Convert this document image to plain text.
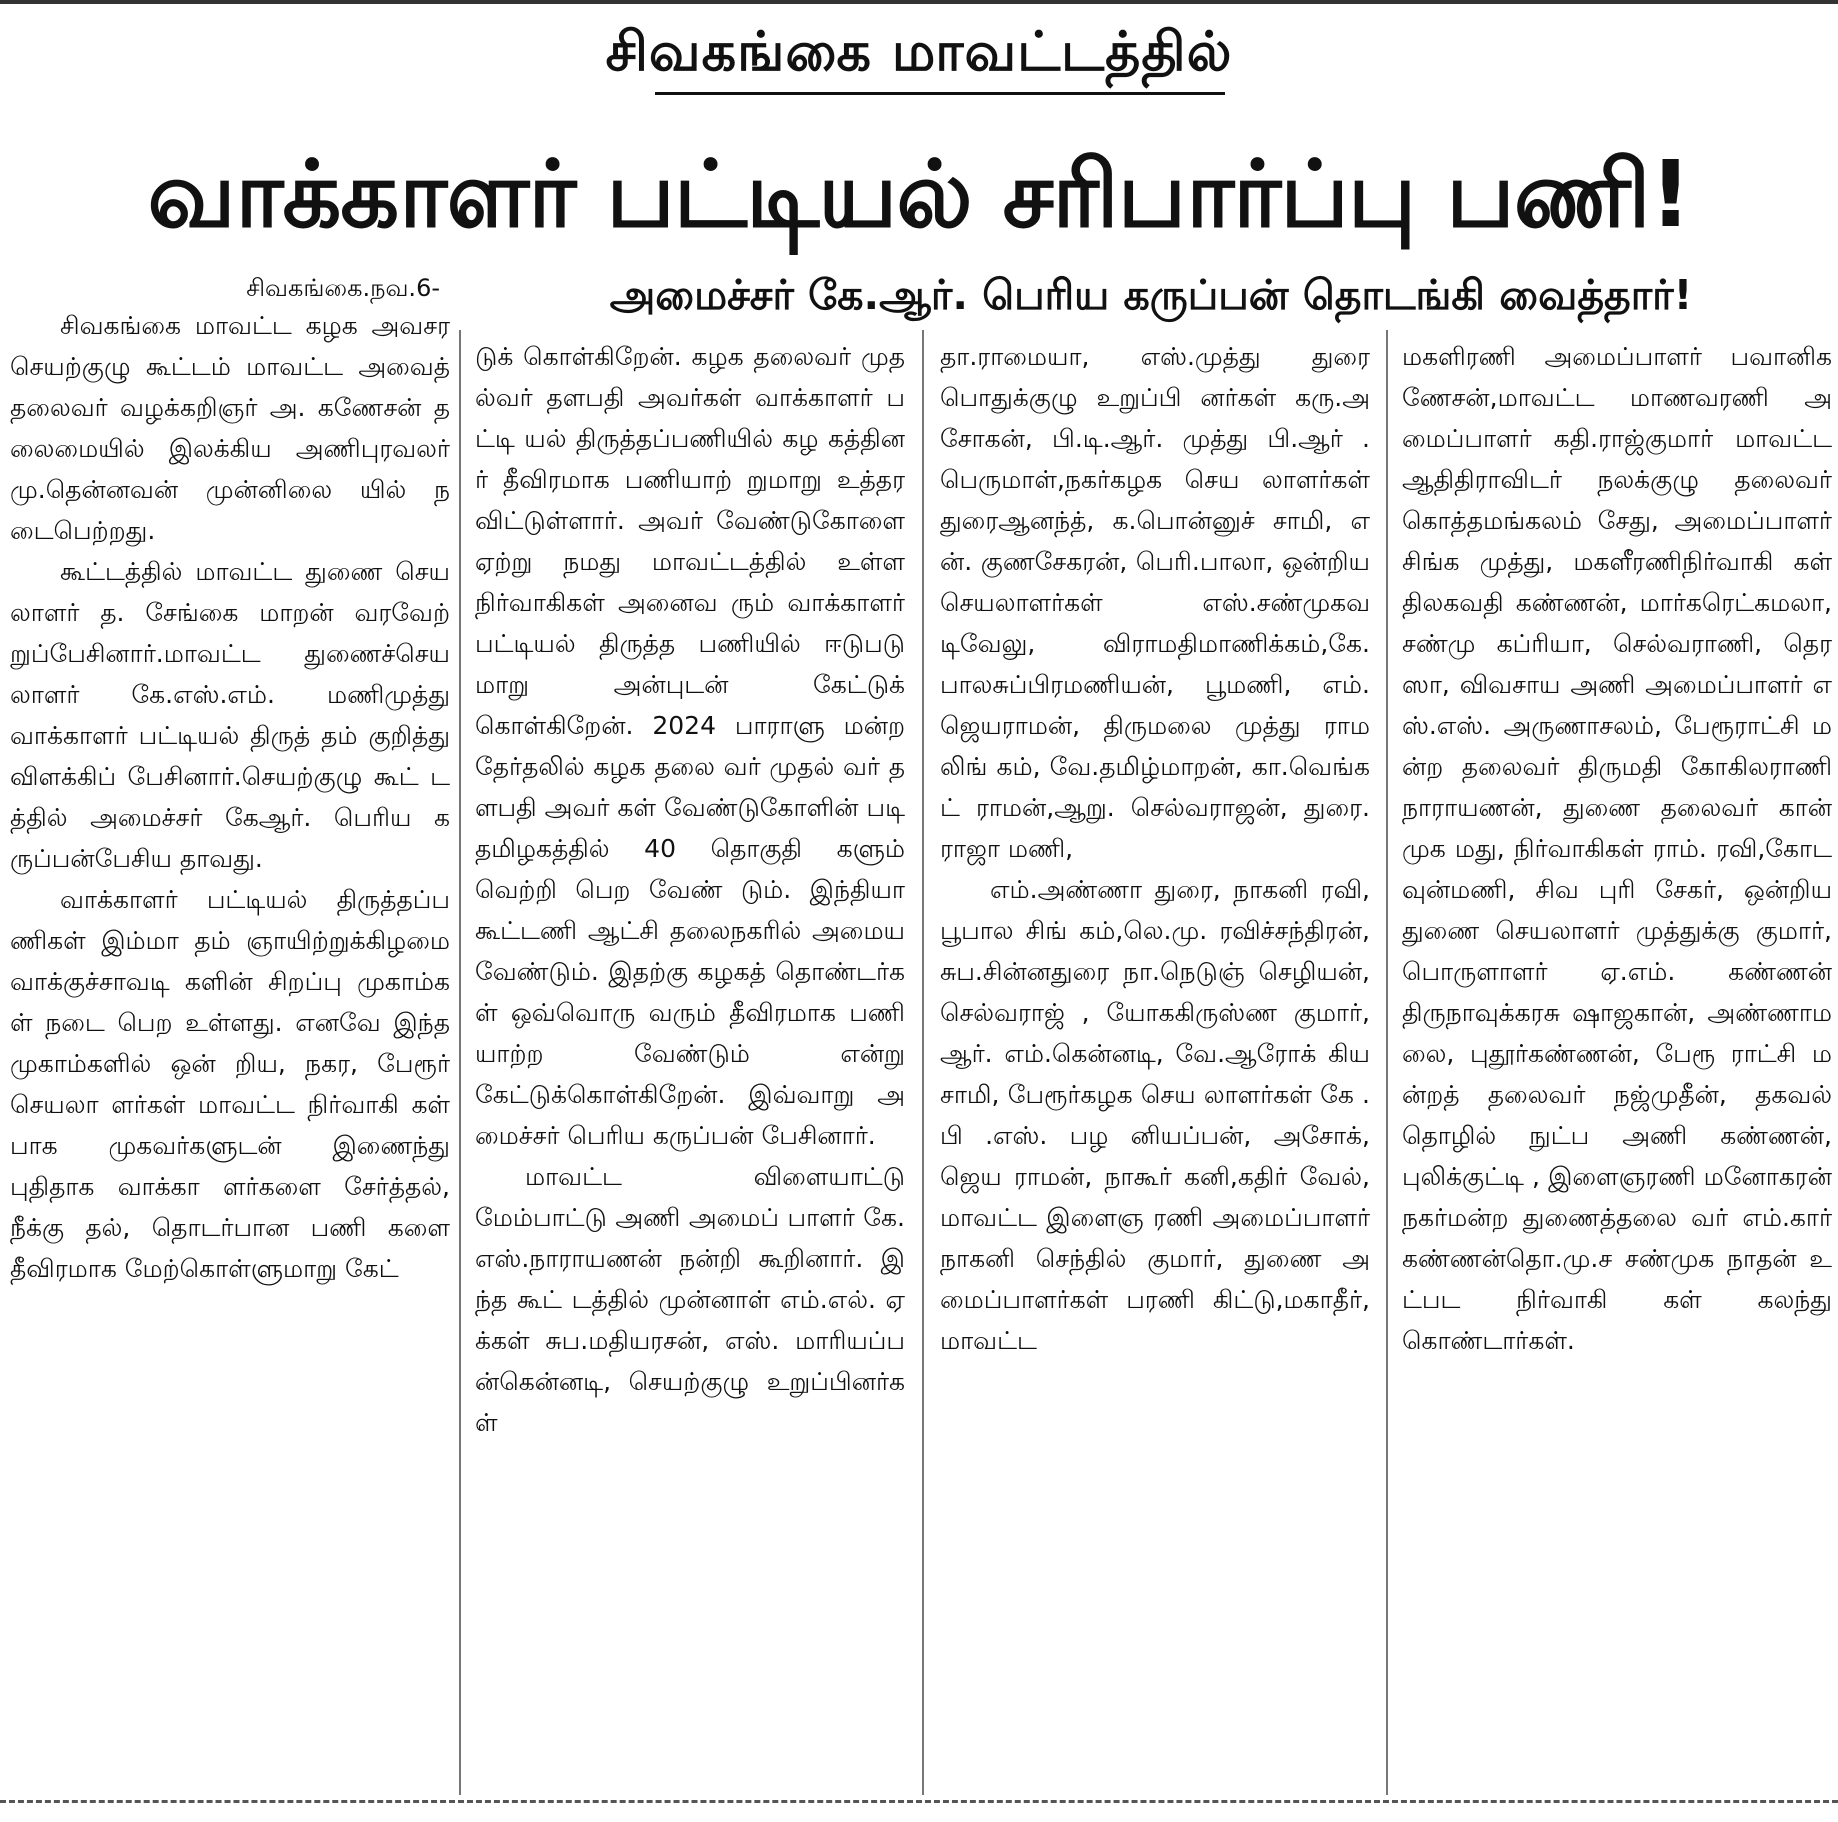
சிவகங்கை மாவட்டத்தில்
வாக்காளர் பட்டியல் சரிபார்ப்பு பணி!
சிவகங்கை.நவ.6-	அமைச்சர் கே.ஆர். பெரிய கருப்பன் தொடங்கி வைத்தார்!

சிவகங்கை மாவட்ட கழக அவசர செயற்குழு கூட்டம் மாவட்ட அவைத் தலைவர் வழக்கறிஞர் அ. கணேசன் தலைமையில் இலக்கிய அணிபுரவலர் மு.தென்னவன் முன்னிலை யில் நடைபெற்றது.

கூட்டத்தில் மாவட்ட துணை செயலாளர் த. சேங்கை மாறன் வரவேற் றுப்பேசினார்.மாவட்ட துணைச்செயலாளர் கே.எஸ்.எம். மணிமுத்து வாக்காளர் பட்டியல் திருத் தம் குறித்து விளக்கிப் பேசினார்.செயற்குழு கூட் டத்தில் அமைச்சர் கேஆர். பெரிய கருப்பன்பேசிய தாவது.

வாக்காளர் பட்டியல் திருத்தப்பணிகள் இம்மா தம் ஞாயிற்றுக்கிழமை வாக்குச்சாவடி களின் சிறப்பு முகாம்கள் நடை பெற உள்ளது. எனவே இந்த முகாம்களில் ஒன் றிய, நகர, பேரூர் செயலா ளர்கள் மாவட்ட நிர்வாகி கள் பாக முகவர்களுடன் இணைந்து புதிதாக வாக்கா ளர்களை சேர்த்தல், நீக்கு தல், தொடர்பான பணி களை தீவிரமாக மேற்கொள்ளுமாறு கேட்

டுக் கொள்கிறேன். கழக தலைவர் முதல்வர் தளபதி அவர்கள் வாக்காளர் பட்டி யல் திருத்தப்பணியில் கழ கத்தினர் தீவிரமாக பணியாற் றுமாறு உத்தரவிட்டுள்ளார். அவர் வேண்டுகோளை ஏற்று நமது மாவட்டத்தில் உள்ள நிர்வாகிகள் அனைவ ரும் வாக்காளர் பட்டியல் திருத்த பணியில் ஈடுபடு மாறு அன்புடன் கேட்டுக் கொள்கிறேன். 2024 பாராளு மன்ற தேர்தலில் கழக தலை வர் முதல் வர் தளபதி அவர் கள் வேண்டுகோளின் படி தமிழகத்தில் 40 தொகுதி களும் வெற்றி பெற வேண் டும். இந்தியா கூட்டணி ஆட்சி தலைநகரில் அமைய வேண்டும். இதற்கு கழகத் தொண்டர்கள் ஒவ்வொரு வரும் தீவிரமாக பணி யாற்ற வேண்டும் என்று கேட்டுக்கொள்கிறேன். இவ்வாறு அமைச்சர் பெரிய கருப்பன் பேசினார்.

மாவட்ட விளையாட்டு மேம்பாட்டு அணி அமைப் பாளர் கே.எஸ்.நாராயணன் நன்றி கூறினார். இந்த கூட் டத்தில் முன்னாள் எம்.எல். ஏக்கள் சுப.மதியரசன், எஸ். மாரியப்பன்கென்னடி, செயற்குழு உறுப்பினர்கள்

தா.ராமையா, எஸ்.முத்து துரை பொதுக்குழு உறுப்பி னர்கள் கரு.அசோகன், பி.டி.ஆர். முத்து பி.ஆர் . பெருமாள்,நகர்கழக செய லாளர்கள் துரைஆனந்த், க.பொன்னுச் சாமி, என். குணசேகரன், பெரி.பாலா, ஒன்றிய செயலாளர்கள் எஸ்.சண்முகவடிவேலு, விராமதிமாணிக்கம்,கே. பாலசுப்பிரமணியன், பூமணி, எம்.ஜெயராமன், திருமலை முத்து ராமலிங் கம், வே.தமிழ்மாறன், கா.வெங்கட் ராமன்,ஆறு. செல்வராஜன், துரை.ராஜா மணி,

எம்.அண்ணா துரை, நாகனி ரவி, பூபால சிங் கம்,லெ.மு. ரவிச்சந்திரன், சுப.சின்னதுரை நா.நெடுஞ் செழியன், செல்வராஜ் , யோககிருஸ்ண குமார்,ஆர். எம்.கென்னடி, வே.ஆரோக் கியசாமி, பேரூர்கழக செய லாளர்கள் கே .பி .எஸ். பழ னியப்பன், அசோக், ஜெய ராமன், நாகூர் கனி,கதிர் வேல், மாவட்ட இளைஞ ரணி அமைப்பாளர் நாகனி செந்தில் குமார், துணை அமைப்பாளர்கள் பரணி கிட்டு,மகாதீர், மாவட்ட

மகளிரணி அமைப்பாளர் பவானிகணேசன்,மாவட்ட மாணவரணி அமைப்பாளர் கதி.ராஜ்குமார் மாவட்ட ஆதிதிராவிடர் நலக்குழு தலைவர் கொத்தமங்கலம் சேது, அமைப்பாளர் சிங்க முத்து, மகளீரணிநிர்வாகி கள் திலகவதி கண்ணன், மார்கரெட்கமலா,சண்மு கப்ரியா, செல்வராணி, தெரஸா, விவசாய அணி அமைப்பாளர் எஸ்.எஸ். அருணாசலம், பேரூராட்சி மன்ற தலைவர் திருமதி கோகிலராணி நாராயணன், துணை தலைவர் கான் முக மது, நிர்வாகிகள் ராம். ரவி,கோடவுன்மணி, சிவ புரி சேகர், ஒன்றிய துணை செயலாளர் முத்துக்கு குமார்,பொருளாளர் ஏ.எம். கண்ணன் திருநாவுக்கரசு ஷாஜகான், அண்ணாமலை, புதூர்கண்ணன், பேரூ ராட்சி மன்றத் தலைவர் நஜ்முதீன், தகவல் தொழில் நுட்ப அணி கண்ணன், புலிக்குட்டி , இளைஞரணி மனோகரன் நகர்மன்ற துணைத்தலை வர் எம்.கார் கண்ணன்தொ.மு.ச சண்முக நாதன் உட்பட நிர்வாகி கள் கலந்து கொண்டார்கள்.
